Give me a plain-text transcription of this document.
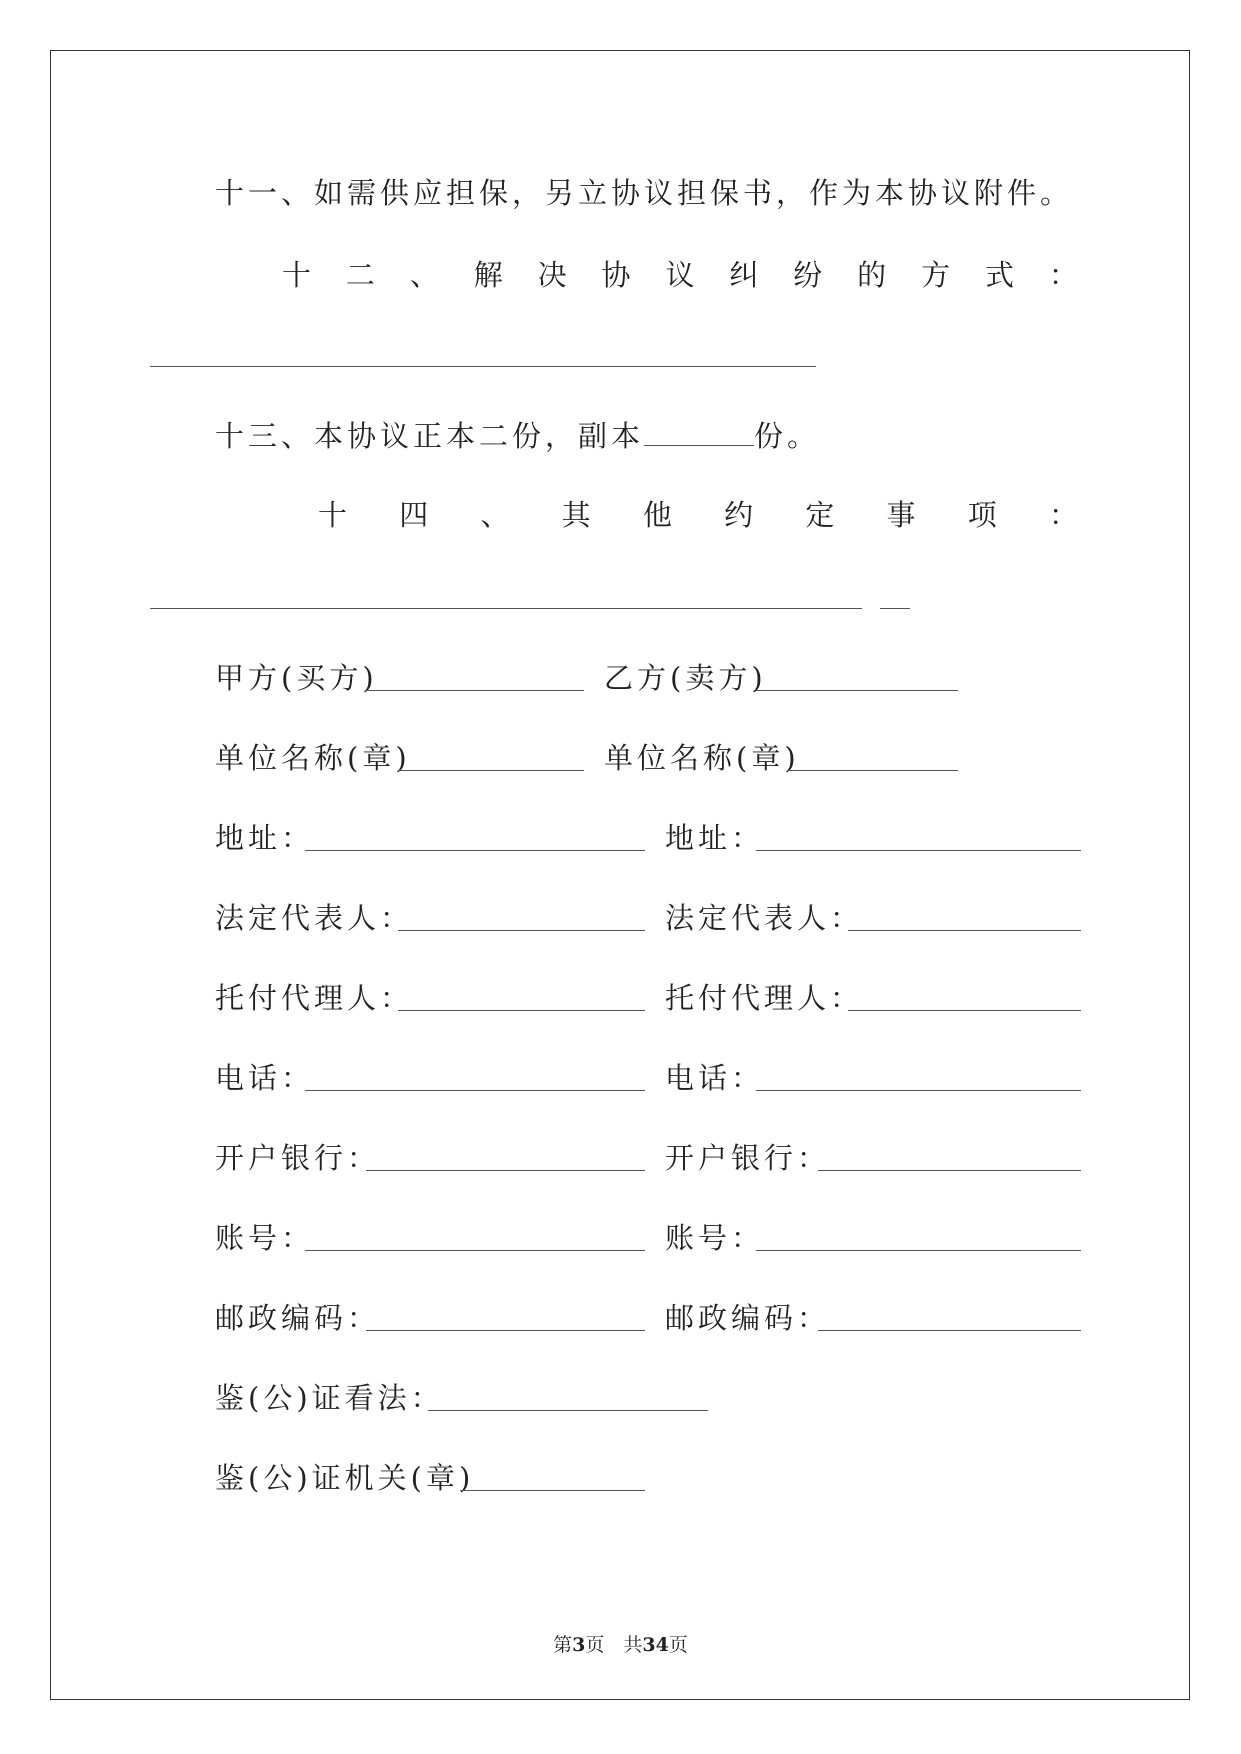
十一、如需供应担保，另立协议担保书，作为本协议附件。
十 二 、 解 决 协 议 纠 纷 的 方 式 ：
十三、本协议正本二份，副本	份。
十 四 、 其 他 约 定 事 项 ：
甲方(买方)	乙方(卖方)
单位名称(章)	单位名称(章)
地址：	地址：
法定代表人：	法定代表人：
托付代理人：	托付代理人：
电话：	电话：
开户银行：	开户银行：
账号：	账号：
邮政编码：	邮政编码：
鉴(公)证看法：
鉴(公)证机关(章)
第3页　共34页
